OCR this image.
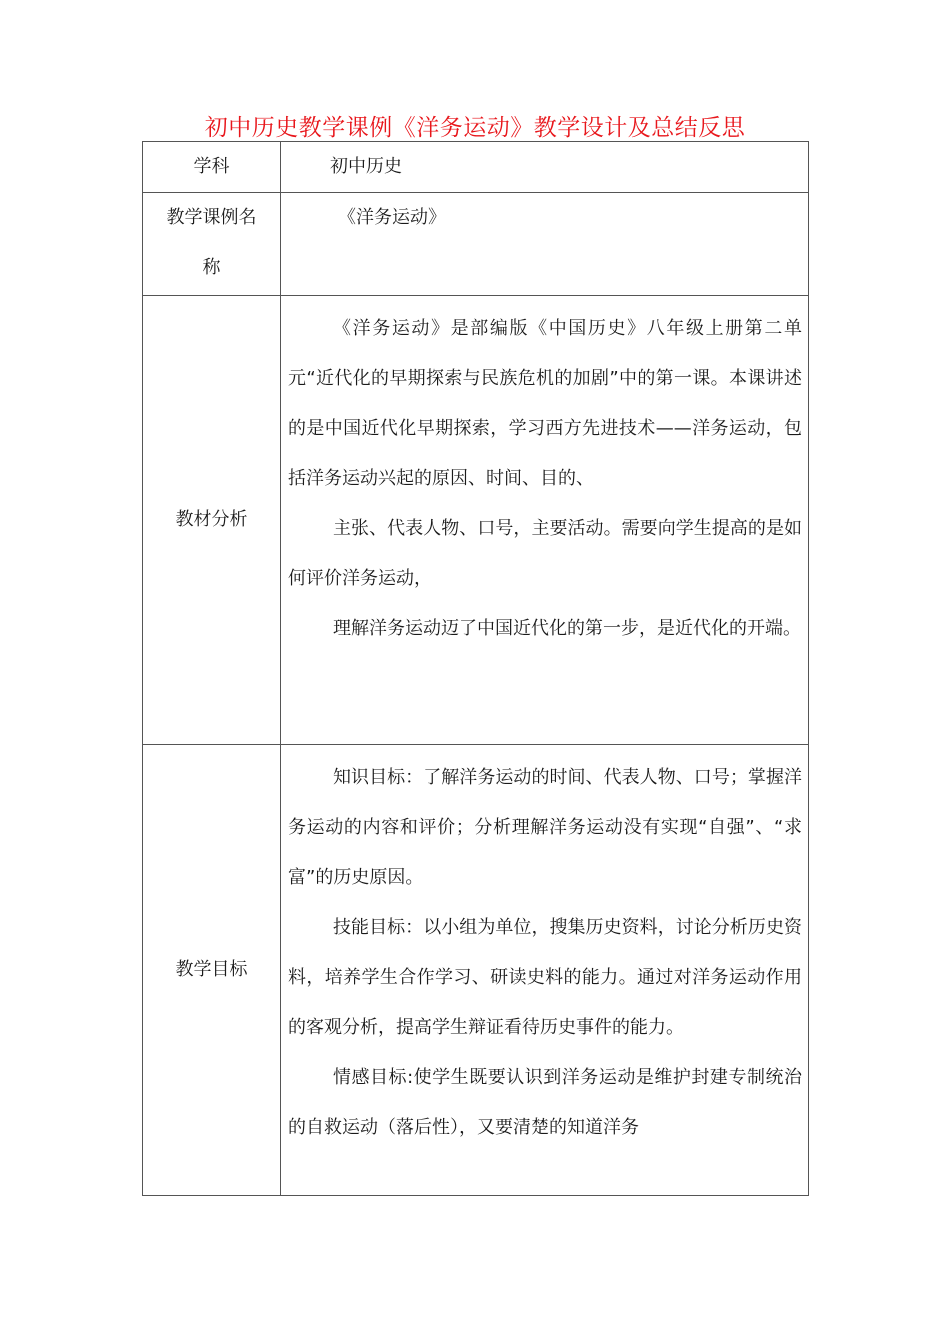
初中历史教学课例《洋务运动》教学设计及总结反思
学科	初中历史

教学课例名
称	《洋务运动》

教材分析	《洋务运动》是部编版《中国历史》八年级上册第二单元“近代化的早期探索与民族危机的加剧”中的第一课。本课讲述的是中国近代化早期探索，学习西方先进技术——洋务运动，包括洋务运动兴起的原因、时间、目的、

主张、代表人物、口号，主要活动。需要向学生提高的是如何评价洋务运动，

理解洋务运动迈了中国近代化的第一步，是近代化的开端。

教学目标	知识目标：了解洋务运动的时间、代表人物、口号；掌握洋务运动的内容和评价；分析理解洋务运动没有实现“自强”、“求富”的历史原因。

技能目标：以小组为单位，搜集历史资料，讨论分析历史资料，培养学生合作学习、研读史料的能力。通过对洋务运动作用的客观分析，提高学生辩证看待历史事件的能力。

情感目标:使学生既要认识到洋务运动是维护封建专制统治的自救运动（落后性），又要清楚的知道洋务
